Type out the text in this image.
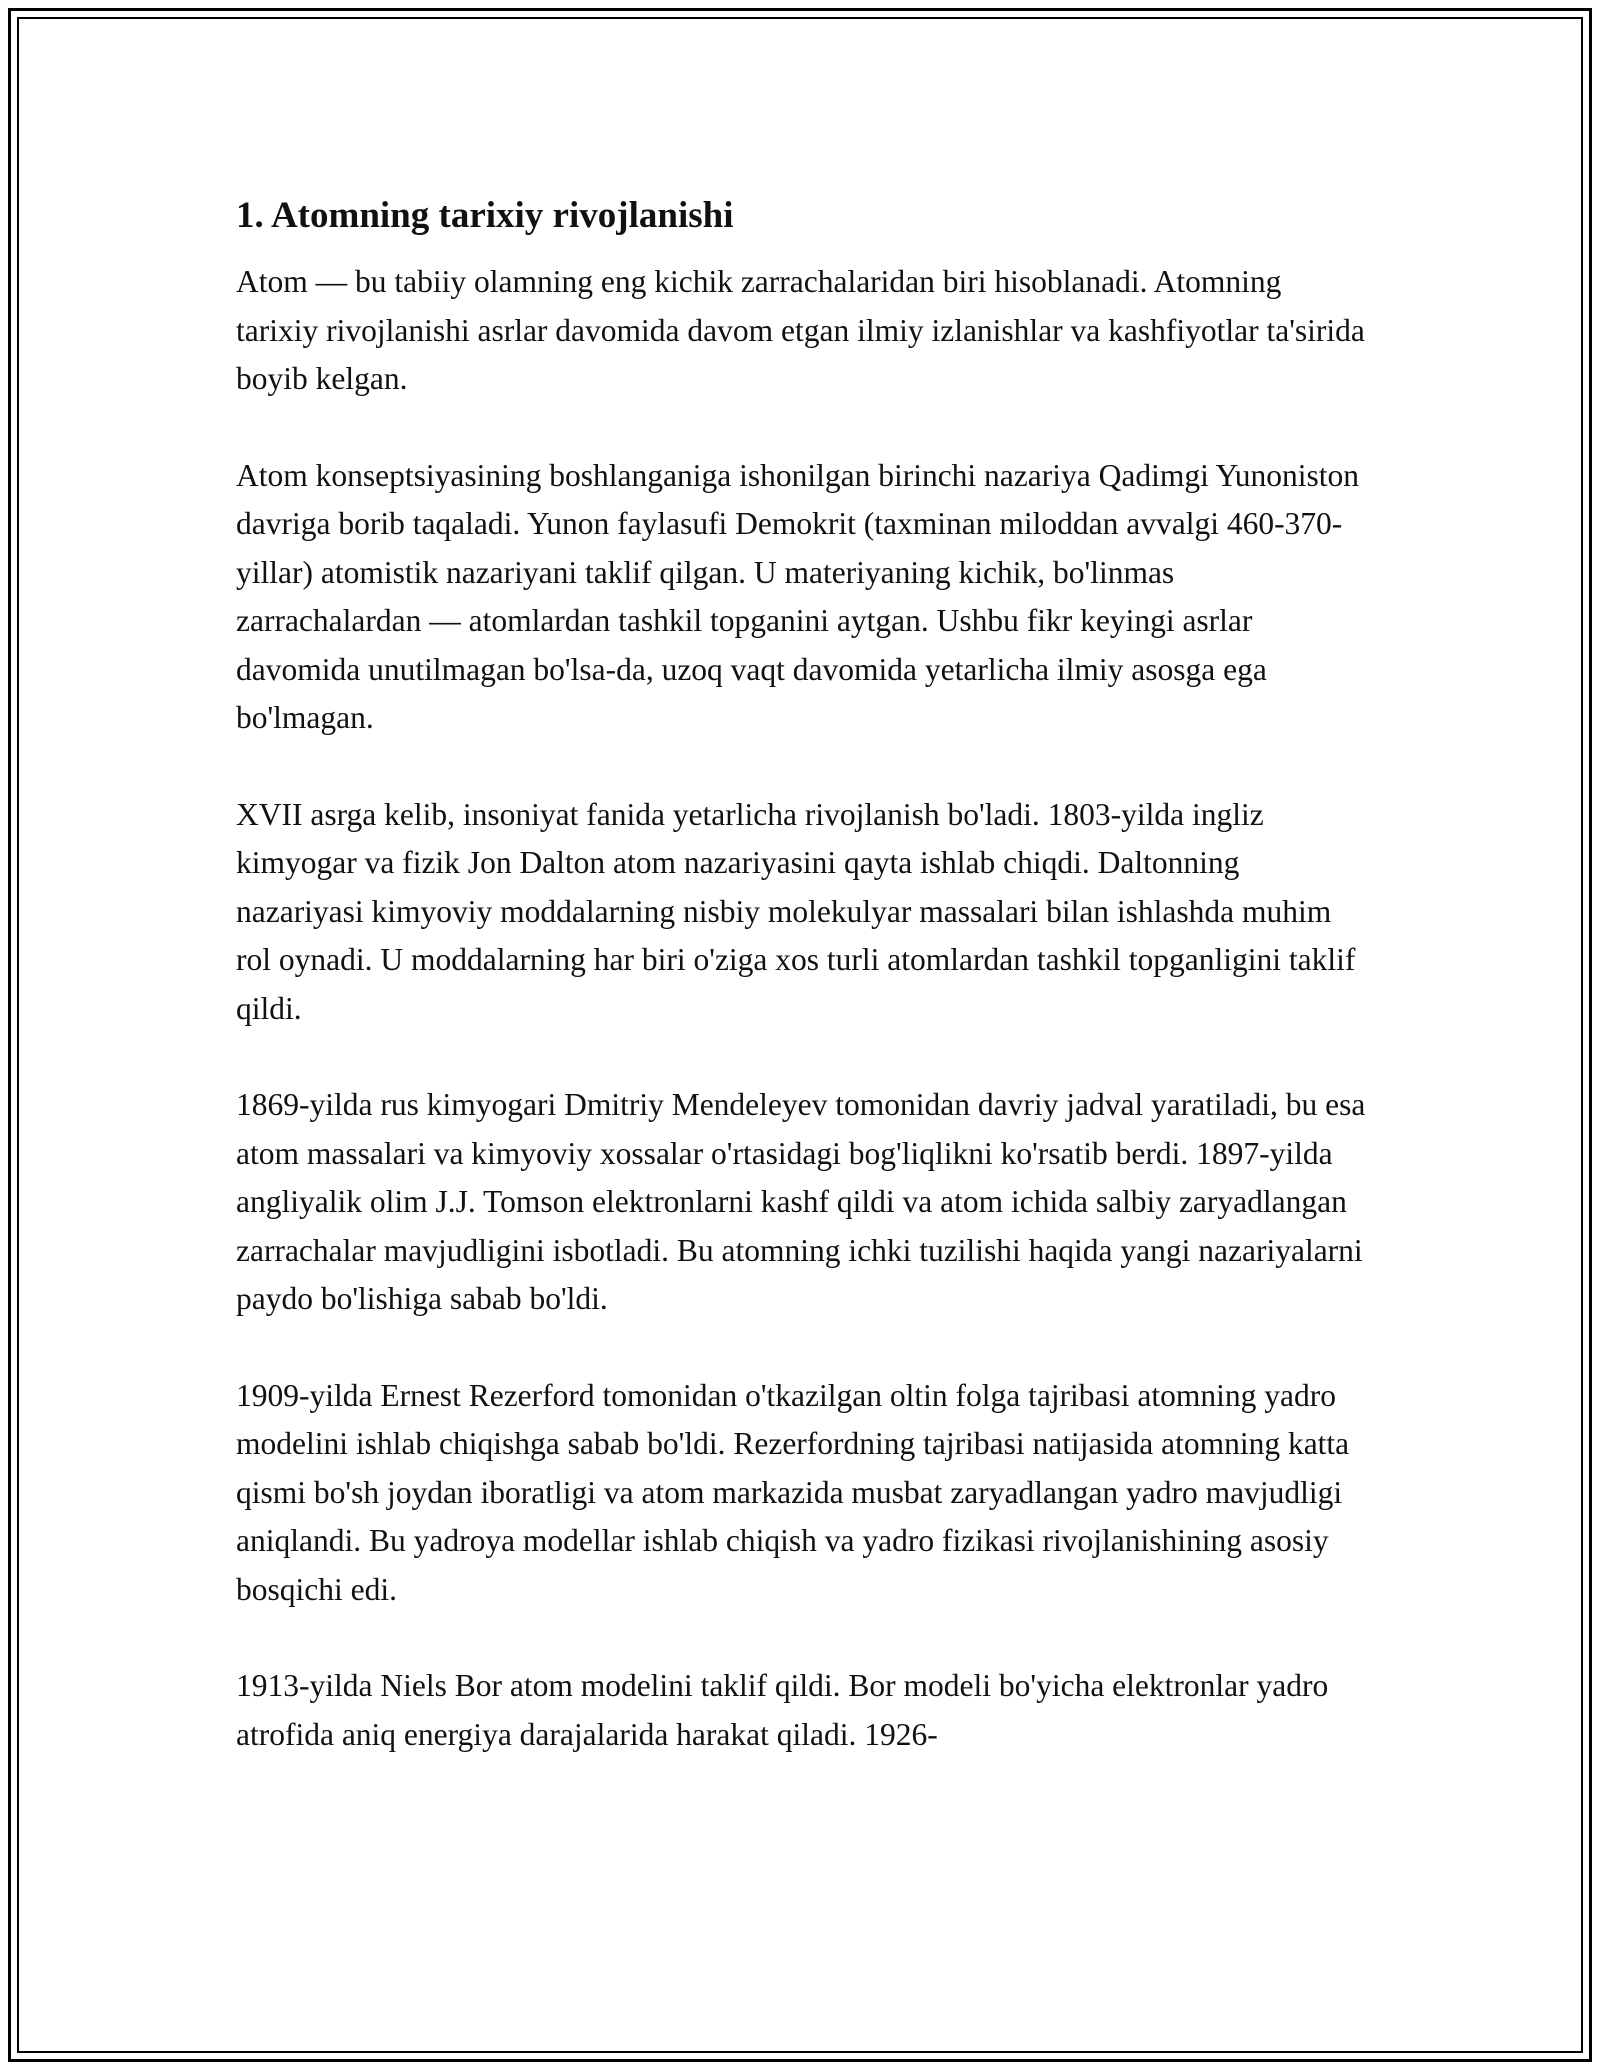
1. Atomning tarixiy rivojlanishi

Atom — bu tabiiy olamning eng kichik zarrachalaridan biri hisoblanadi. Atomning tarixiy rivojlanishi asrlar davomida davom etgan ilmiy izlanishlar va kashfiyotlar ta'sirida boyib kelgan.

Atom konseptsiyasining boshlanganiga ishonilgan birinchi nazariya Qadimgi Yunoniston davriga borib taqaladi. Yunon faylasufi Demokrit (taxminan miloddan avvalgi 460-370-yillar) atomistik nazariyani taklif qilgan. U materiyaning kichik, bo'linmas zarrachalardan — atomlardan tashkil topganini aytgan. Ushbu fikr keyingi asrlar davomida unutilmagan bo'lsa-da, uzoq vaqt davomida yetarlicha ilmiy asosga ega bo'lmagan.

XVII asrga kelib, insoniyat fanida yetarlicha rivojlanish bo'ladi. 1803-yilda ingliz kimyogar va fizik Jon Dalton atom nazariyasini qayta ishlab chiqdi. Daltonning nazariyasi kimyoviy moddalarning nisbiy molekulyar massalari bilan ishlashda muhim rol oynadi. U moddalarning har biri o'ziga xos turli atomlardan tashkil topganligini taklif qildi.

1869-yilda rus kimyogari Dmitriy Mendeleyev tomonidan davriy jadval yaratiladi, bu esa atom massalari va kimyoviy xossalar o'rtasidagi bog'liqlikni ko'rsatib berdi. 1897-yilda angliyalik olim J.J. Tomson elektronlarni kashf qildi va atom ichida salbiy zaryadlangan zarrachalar mavjudligini isbotladi. Bu atomning ichki tuzilishi haqida yangi nazariyalarni paydo bo'lishiga sabab bo'ldi.

1909-yilda Ernest Rezerford tomonidan o'tkazilgan oltin folga tajribasi atomning yadro modelini ishlab chiqishga sabab bo'ldi. Rezerfordning tajribasi natijasida atomning katta qismi bo'sh joydan iboratligi va atom markazida musbat zaryadlangan yadro mavjudligi aniqlandi. Bu yadroya modellar ishlab chiqish va yadro fizikasi rivojlanishining asosiy bosqichi edi.

1913-yilda Niels Bor atom modelini taklif qildi. Bor modeli bo'yicha elektronlar yadro atrofida aniq energiya darajalarida harakat qiladi. 1926-
